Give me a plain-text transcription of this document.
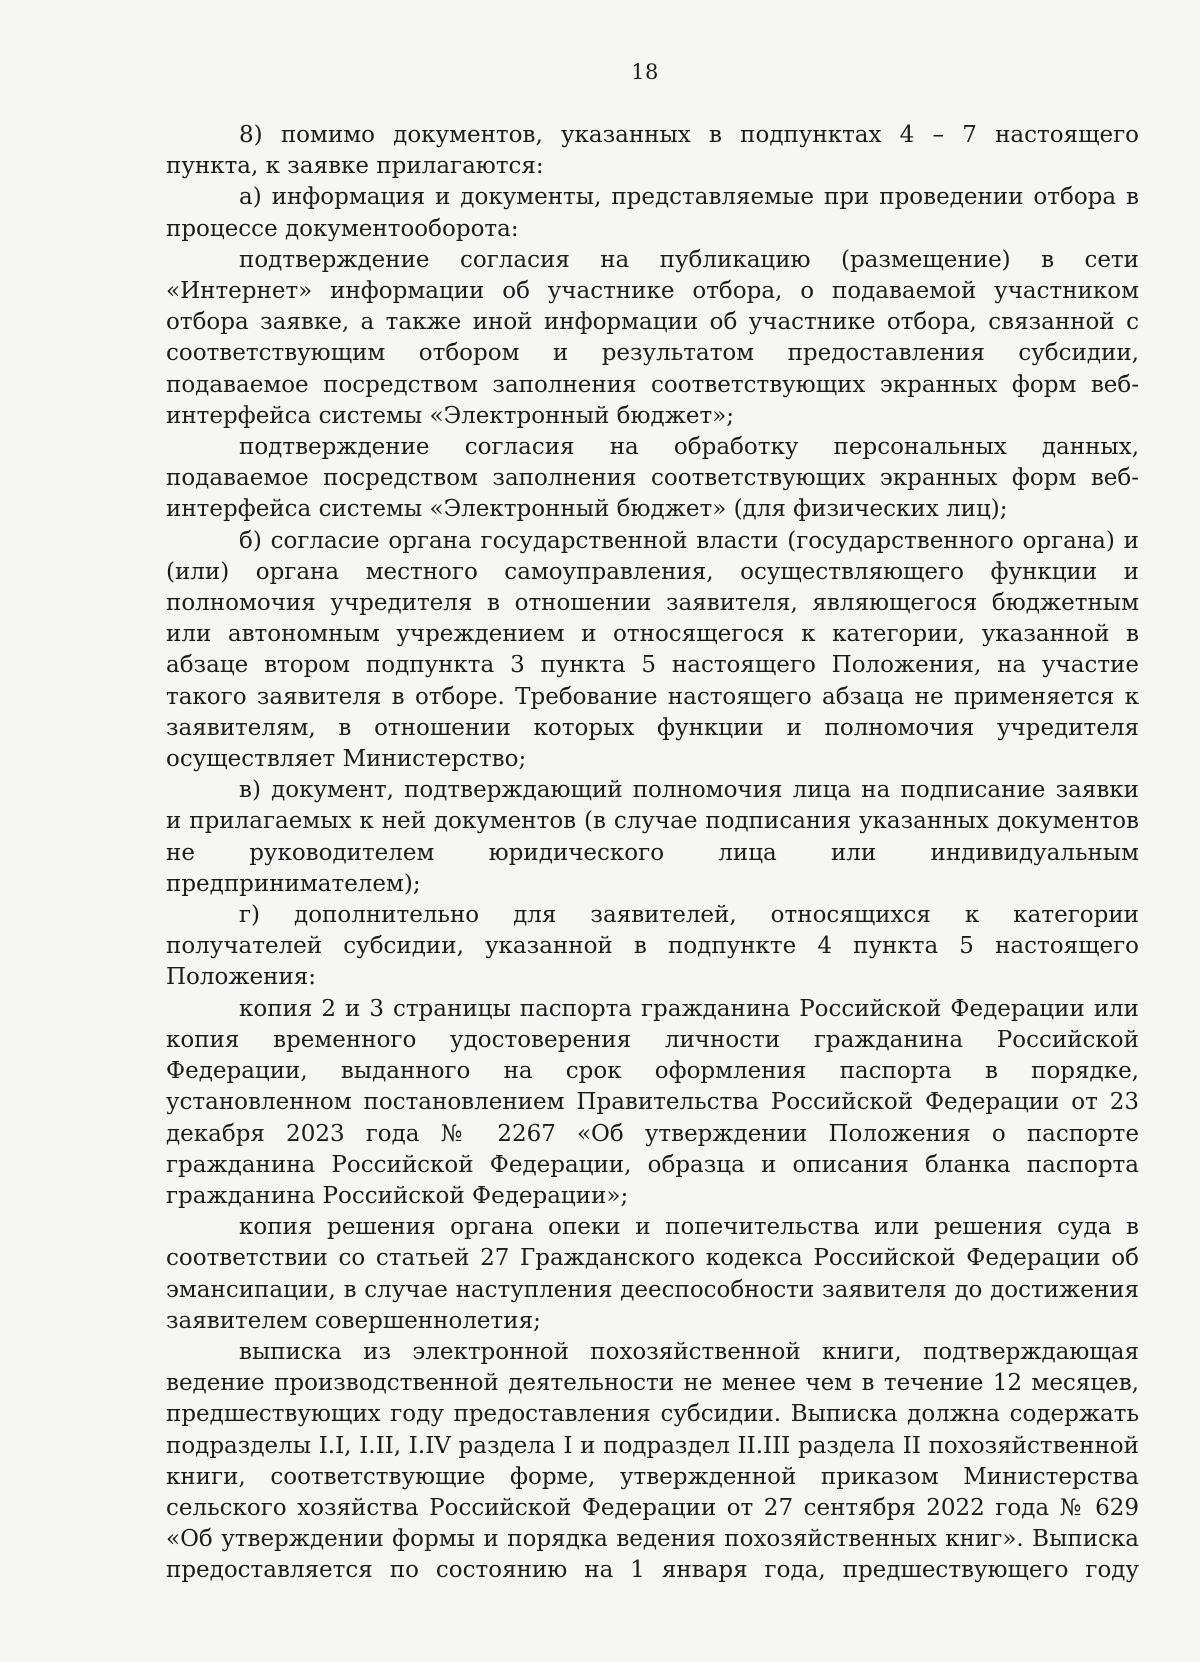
18

8) помимо документов, указанных в подпунктах 4 – 7 настоящего пункта, к заявке прилагаются:

а) информация и документы, представляемые при проведении отбора в процессе документооборота:

подтверждение согласия на публикацию (размещение) в сети «Интернет» информации об участнике отбора, о подаваемой участником отбора заявке, а также иной информации об участнике отбора, связанной с соответствующим отбором и результатом предоставления субсидии, подаваемое посредством заполнения соответствующих экранных форм веб-интерфейса системы «Электронный бюджет»;

подтверждение согласия на обработку персональных данных, подаваемое посредством заполнения соответствующих экранных форм веб-интерфейса системы «Электронный бюджет» (для физических лиц);

б) согласие органа государственной власти (государственного органа) и (или) органа местного самоуправления, осуществляющего функции и полномочия учредителя в отношении заявителя, являющегося бюджетным или автономным учреждением и относящегося к категории, указанной в абзаце втором подпункта 3 пункта 5 настоящего Положения, на участие такого заявителя в отборе. Требование настоящего абзаца не применяется к заявителям, в отношении которых функции и полномочия учредителя осуществляет Министерство;

в) документ, подтверждающий полномочия лица на подписание заявки и прилагаемых к ней документов (в случае подписания указанных документов не руководителем юридического лица или индивидуальным предпринимателем);

г) дополнительно для заявителей, относящихся к категории получателей субсидии, указанной в подпункте 4 пункта 5 настоящего Положения:

копия 2 и 3 страницы паспорта гражданина Российской Федерации или копия временного удостоверения личности гражданина Российской Федерации, выданного на срок оформления паспорта в порядке, установленном постановлением Правительства Российской Федерации от 23 декабря 2023 года № 2267 «Об утверждении Положения о паспорте гражданина Российской Федерации, образца и описания бланка паспорта гражданина Российской Федерации»;

копия решения органа опеки и попечительства или решения суда в соответствии со статьей 27 Гражданского кодекса Российской Федерации об эмансипации, в случае наступления дееспособности заявителя до достижения заявителем совершеннолетия;

выписка из электронной похозяйственной книги, подтверждающая ведение производственной деятельности не менее чем в течение 12 месяцев, предшествующих году предоставления субсидии. Выписка должна содержать подразделы I.I, I.II, I.IV раздела I и подраздел II.III раздела II похозяйственной книги, соответствующие форме, утвержденной приказом Министерства сельского хозяйства Российской Федерации от 27 сентября 2022 года № 629 «Об утверждении формы и порядка ведения похозяйственных книг». Выписка предоставляется по состоянию на 1 января года, предшествующего году
